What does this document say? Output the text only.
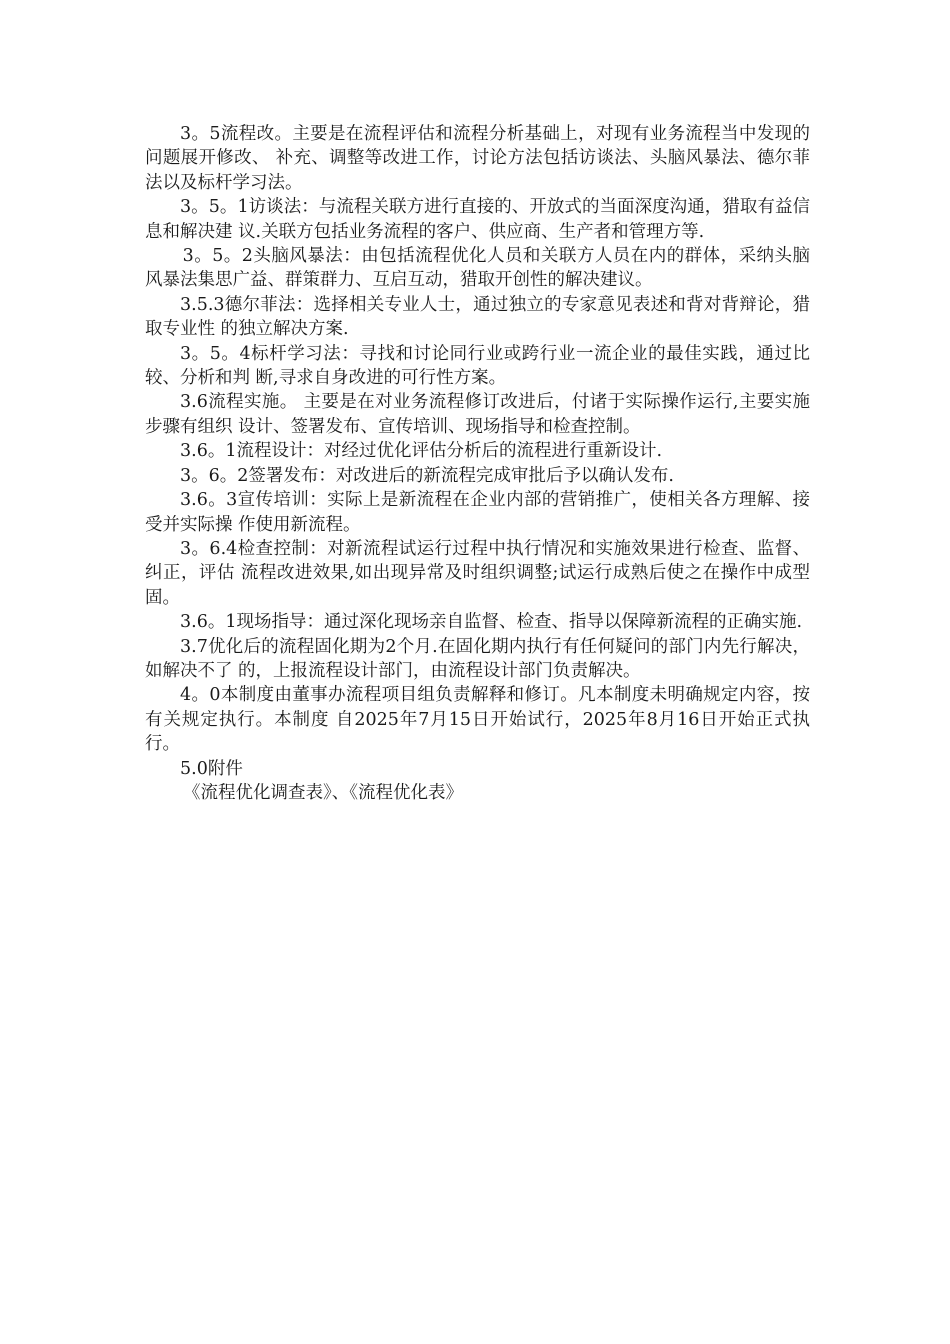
3。5流程改。主要是在流程评估和流程分析基础上，对现有业务流程当中发现的问题展开修改、 补充、调整等改进工作，讨论方法包括访谈法、头脑风暴法、德尔菲法以及标杆学习法。

3。5。1访谈法：与流程关联方进行直接的、开放式的当面深度沟通，猎取有益信息和解决建 议.关联方包括业务流程的客户、供应商、生产者和管理方等.

3。5。2头脑风暴法：由包括流程优化人员和关联方人员在内的群体，采纳头脑风暴法集思广益、群策群力、互启互动，猎取开创性的解决建议。

3.5.3德尔菲法：选择相关专业人士，通过独立的专家意见表述和背对背辩论，猎取专业性 的独立解决方案.

3。5。4标杆学习法：寻找和讨论同行业或跨行业一流企业的最佳实践，通过比较、分析和判 断,寻求自身改进的可行性方案。

3.6流程实施。 主要是在对业务流程修订改进后，付诸于实际操作运行,主要实施步骤有组织 设计、签署发布、宣传培训、现场指导和检查控制。

3.6。1流程设计：对经过优化评估分析后的流程进行重新设计.

3。6。2签署发布：对改进后的新流程完成审批后予以确认发布.

3.6。3宣传培训：实际上是新流程在企业内部的营销推广，使相关各方理解、接受并实际操 作使用新流程。

3。6.4检查控制：对新流程试运行过程中执行情况和实施效果进行检查、监督、纠正，评估 流程改进效果,如出现异常及时组织调整;试运行成熟后使之在操作中成型固。

3.6。1现场指导：通过深化现场亲自监督、检查、指导以保障新流程的正确实施.

3.7优化后的流程固化期为2个月.在固化期内执行有任何疑问的部门内先行解决，如解决不了 的，上报流程设计部门，由流程设计部门负责解决。

4。0本制度由董事办流程项目组负责解释和修订。凡本制度未明确规定内容，按有关规定执行。本制度 自2025年7月15日开始试行，2025年8月16日开始正式执行。

5.0附件

《流程优化调查表》、《流程优化表》
